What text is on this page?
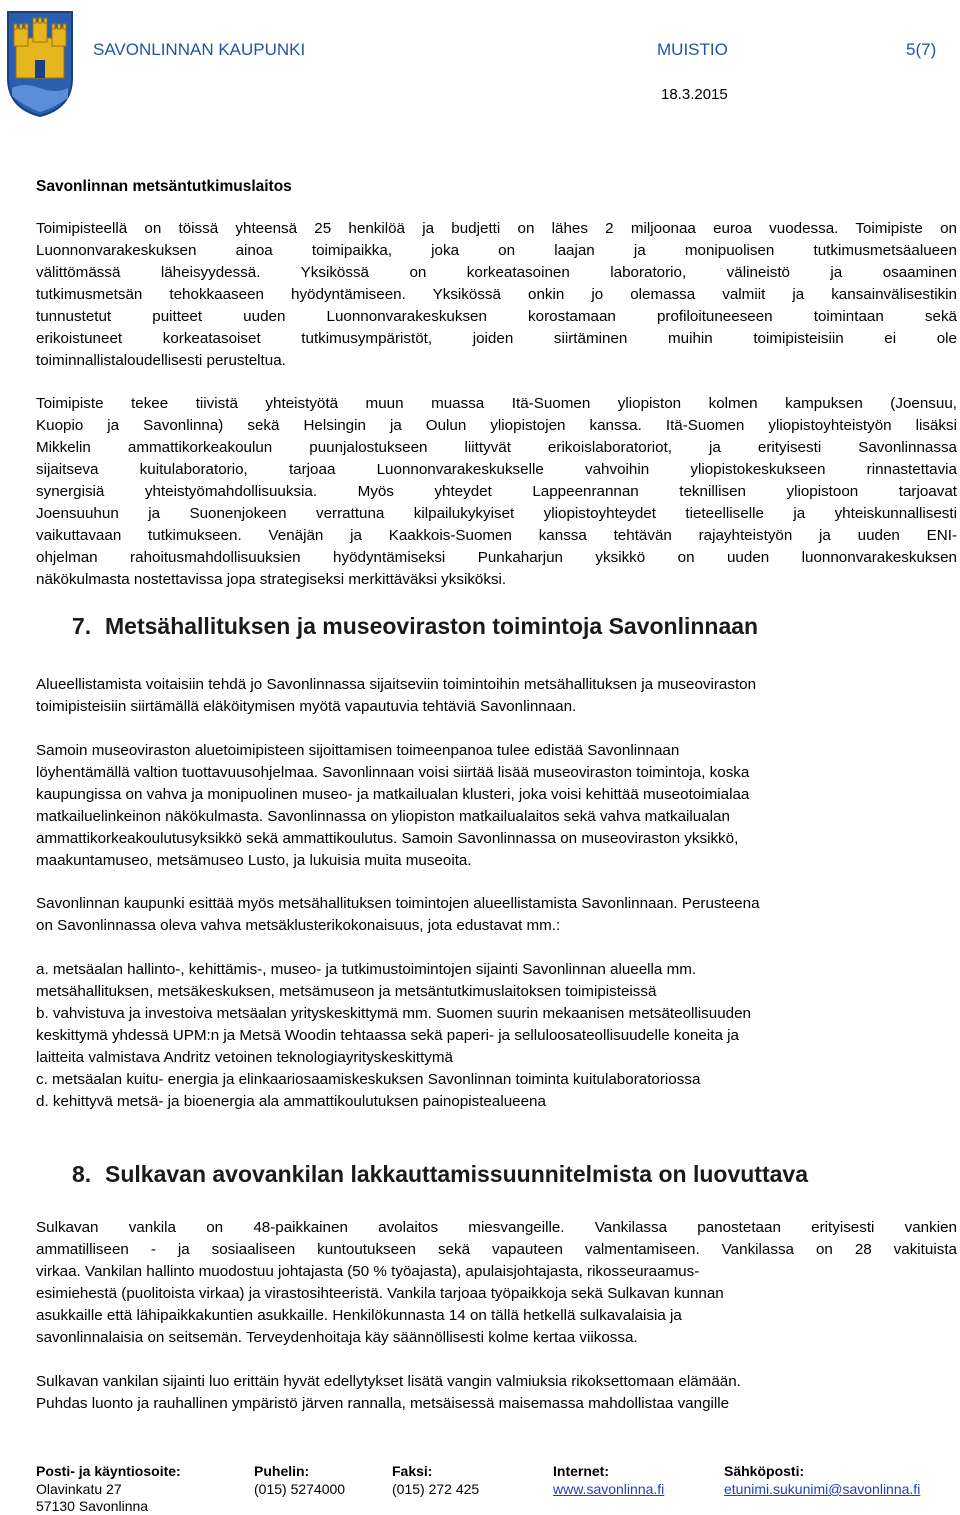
SAVONLINNAN KAUPUNKI	MUISTIO	5(7)
18.3.2015
Savonlinnan metsäntutkimuslaitos
Toimipisteellä on töissä yhteensä 25 henkilöä ja budjetti on lähes 2 miljoonaa euroa vuodessa. Toimipiste on
Luonnonvarakeskuksen ainoa toimipaikka, joka on laajan ja monipuolisen tutkimusmetsäalueen
välittömässä läheisyydessä. Yksikössä on korkeatasoinen laboratorio, välineistö ja osaaminen
tutkimusmetsän tehokkaaseen hyödyntämiseen. Yksikössä onkin jo olemassa valmiit ja kansainvälisestikin
tunnustetut puitteet uuden Luonnonvarakeskuksen korostamaan profiloituneeseen toimintaan sekä
erikoistuneet korkeatasoiset tutkimusympäristöt, joiden siirtäminen muihin toimipisteisiin ei ole
toiminnallistaloudellisesti perusteltua.
Toimipiste tekee tiivistä yhteistyötä muun muassa Itä-Suomen yliopiston kolmen kampuksen (Joensuu,
Kuopio ja Savonlinna) sekä Helsingin ja Oulun yliopistojen kanssa. Itä-Suomen yliopistoyhteistyön lisäksi
Mikkelin ammattikorkeakoulun puunjalostukseen liittyvät erikoislaboratoriot, ja erityisesti Savonlinnassa
sijaitseva kuitulaboratorio, tarjoaa Luonnonvarakeskukselle vahvoihin yliopistokeskukseen rinnastettavia
synergisiä yhteistyömahdollisuuksia. Myös yhteydet Lappeenrannan teknillisen yliopistoon tarjoavat
Joensuuhun ja Suonenjokeen verrattuna kilpailukykyiset yliopistoyhteydet tieteelliselle ja yhteiskunnallisesti
vaikuttavaan tutkimukseen. Venäjän ja Kaakkois-Suomen kanssa tehtävän rajayhteistyön ja uuden ENI-
ohjelman rahoitusmahdollisuuksien hyödyntämiseksi Punkaharjun yksikkö on uuden luonnonvarakeskuksen
näkökulmasta nostettavissa jopa strategiseksi merkittäväksi yksiköksi.
7. Metsähallituksen ja museoviraston toimintoja Savonlinnaan
Alueellistamista voitaisiin tehdä jo Savonlinnassa sijaitseviin toimintoihin metsähallituksen ja museoviraston
toimipisteisiin siirtämällä eläköitymisen myötä vapautuvia tehtäviä Savonlinnaan.
Samoin museoviraston aluetoimipisteen sijoittamisen toimeenpanoa tulee edistää Savonlinnaan
löyhentämällä valtion tuottavuusohjelmaa. Savonlinnaan voisi siirtää lisää museoviraston toimintoja, koska
kaupungissa on vahva ja monipuolinen museo- ja matkailualan klusteri, joka voisi kehittää museotoimialaa
matkailuelinkeinon näkökulmasta. Savonlinnassa on yliopiston matkailualaitos sekä vahva matkailualan
ammattikorkeakoulutusyksikkö sekä ammattikoulutus. Samoin Savonlinnassa on museoviraston yksikkö,
maakuntamuseo, metsämuseo Lusto, ja lukuisia muita museoita.
Savonlinnan kaupunki esittää myös metsähallituksen toimintojen alueellistamista Savonlinnaan. Perusteena
on Savonlinnassa oleva vahva metsäklusterikokonaisuus, jota edustavat mm.:
a. metsäalan hallinto-, kehittämis-, museo- ja tutkimustoimintojen sijainti Savonlinnan alueella mm.
metsähallituksen, metsäkeskuksen, metsämuseon ja metsäntutkimuslaitoksen toimipisteissä
b. vahvistuva ja investoiva metsäalan yrityskeskittymä mm. Suomen suurin mekaanisen metsäteollisuuden
keskittymä yhdessä UPM:n ja Metsä Woodin tehtaassa sekä paperi- ja selluloosateollisuudelle koneita ja
laitteita valmistava Andritz vetoinen teknologiayrityskeskittymä
c. metsäalan kuitu- energia ja elinkaariosaamiskeskuksen Savonlinnan toiminta kuitulaboratoriossa
d. kehittyvä metsä- ja bioenergia ala ammattikoulutuksen painopistealueena
8. Sulkavan avovankilan lakkauttamissuunnitelmista on luovuttava
Sulkavan vankila on 48-paikkainen avolaitos miesvangeille. Vankilassa panostetaan erityisesti vankien
ammatilliseen - ja sosiaaliseen kuntoutukseen sekä vapauteen valmentamiseen. Vankilassa on 28 vakituista
virkaa. Vankilan hallinto muodostuu johtajasta (50 % työajasta), apulaisjohtajasta, rikosseuraamus-
esimiehestä (puolitoista virkaa) ja virastosihteeristä. Vankila tarjoaa työpaikkoja sekä Sulkavan kunnan
asukkaille että lähipaikkakuntien asukkaille. Henkilökunnasta 14 on tällä hetkellä sulkavalaisia ja
savonlinnalaisia on seitsemän. Terveydenhoitaja käy säännöllisesti kolme kertaa viikossa.
Sulkavan vankilan sijainti luo erittäin hyvät edellytykset lisätä vangin valmiuksia rikoksettomaan elämään.
Puhdas luonto ja rauhallinen ympäristö järven rannalla, metsäisessä maisemassa mahdollistaa vangille
Posti- ja käyntiosoite:
Olavinkatu 27
57130 Savonlinna
Puhelin:
(015) 5274000
Faksi:
(015) 272 425
Internet:
www.savonlinna.fi
Sähköposti:
etunimi.sukunimi@savonlinna.fi
